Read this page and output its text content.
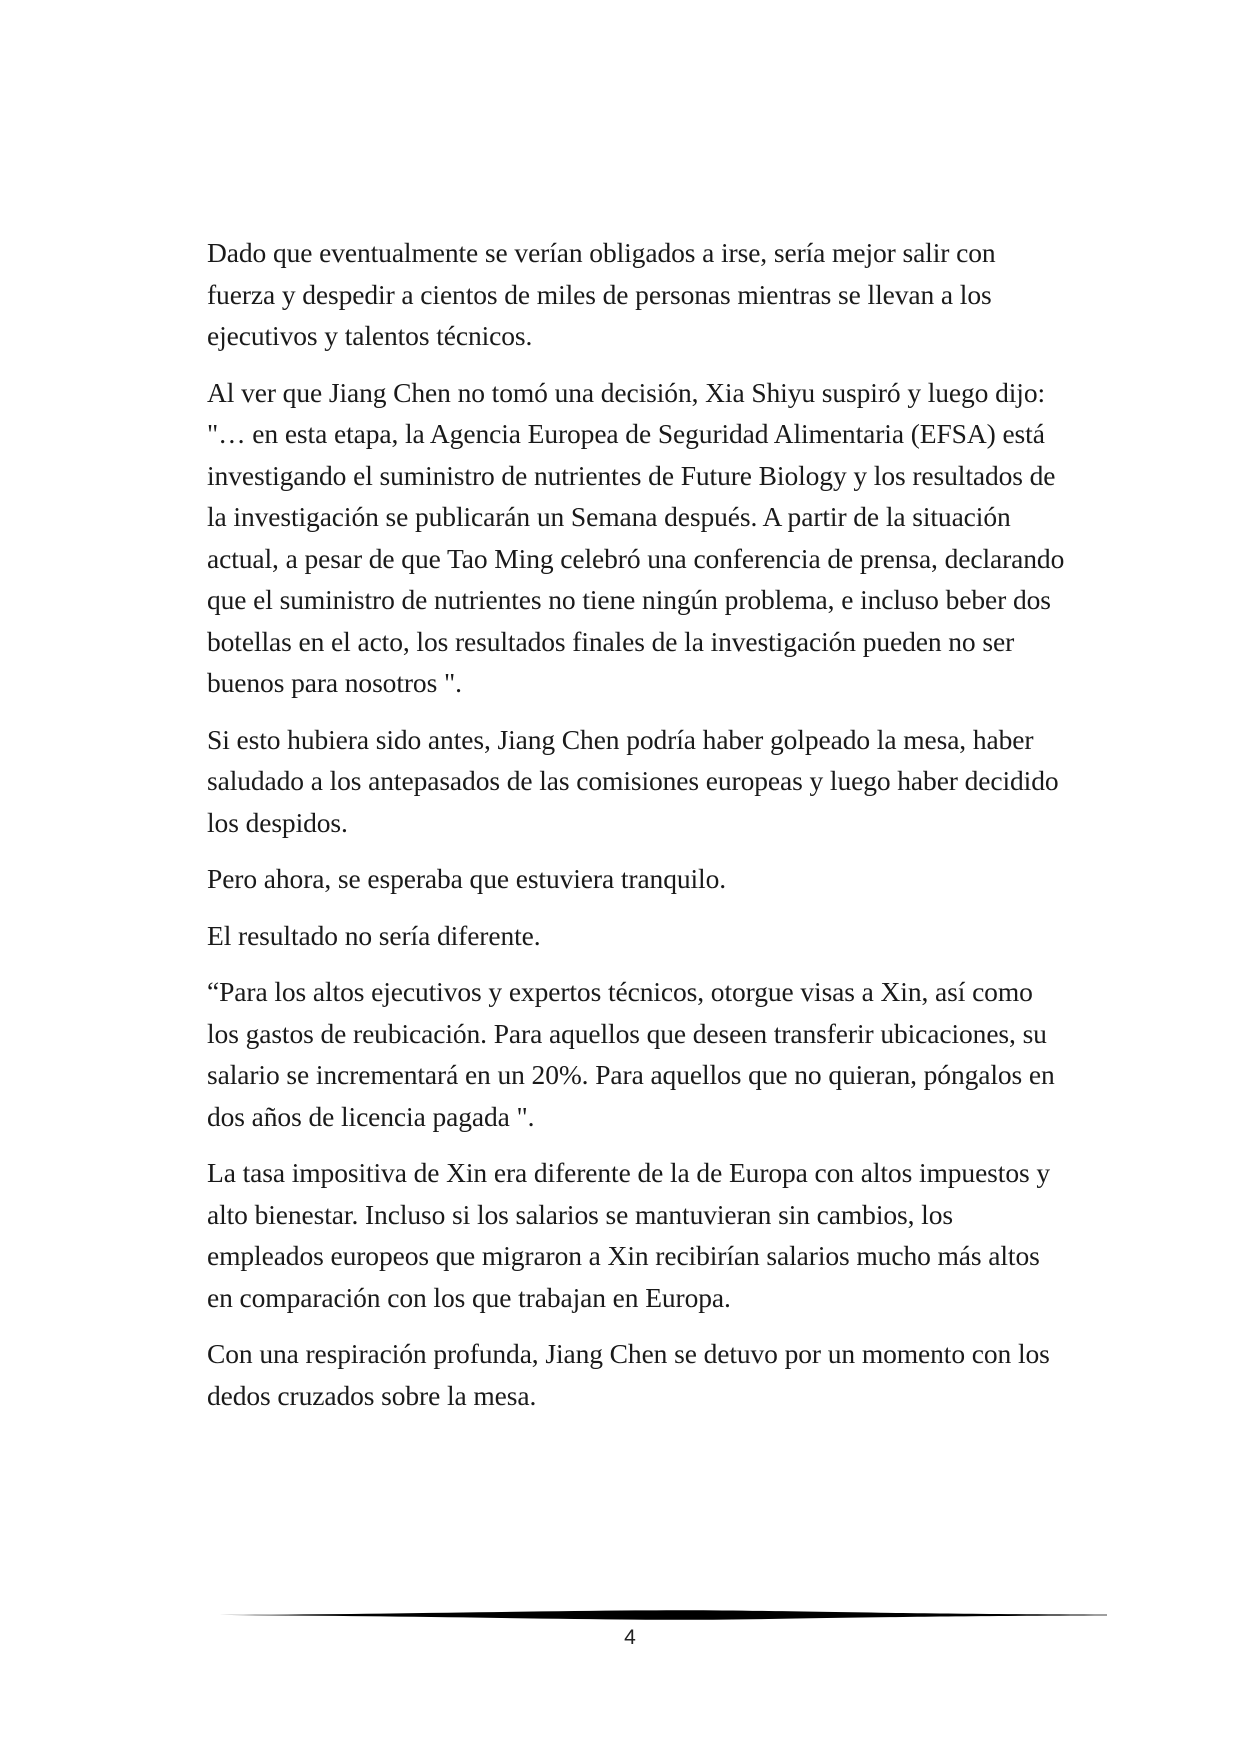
Dado que eventualmente se verían obligados a irse, sería mejor salir con fuerza y despedir a cientos de miles de personas mientras se llevan a los ejecutivos y talentos técnicos.

Al ver que Jiang Chen no tomó una decisión, Xia Shiyu suspiró y luego dijo: "… en esta etapa, la Agencia Europea de Seguridad Alimentaria (EFSA) está investigando el suministro de nutrientes de Future Biology y los resultados de la investigación se publicarán un Semana después. A partir de la situación actual, a pesar de que Tao Ming celebró una conferencia de prensa, declarando que el suministro de nutrientes no tiene ningún problema, e incluso beber dos botellas en el acto, los resultados finales de la investigación pueden no ser buenos para nosotros ".

Si esto hubiera sido antes, Jiang Chen podría haber golpeado la mesa, haber saludado a los antepasados de las comisiones europeas y luego haber decidido los despidos.

Pero ahora, se esperaba que estuviera tranquilo.

El resultado no sería diferente.

“Para los altos ejecutivos y expertos técnicos, otorgue visas a Xin, así como los gastos de reubicación. Para aquellos que deseen transferir ubicaciones, su salario se incrementará en un 20%. Para aquellos que no quieran, póngalos en dos años de licencia pagada ".

La tasa impositiva de Xin era diferente de la de Europa con altos impuestos y alto bienestar. Incluso si los salarios se mantuvieran sin cambios, los empleados europeos que migraron a Xin recibirían salarios mucho más altos en comparación con los que trabajan en Europa.

Con una respiración profunda, Jiang Chen se detuvo por un momento con los dedos cruzados sobre la mesa.

4
